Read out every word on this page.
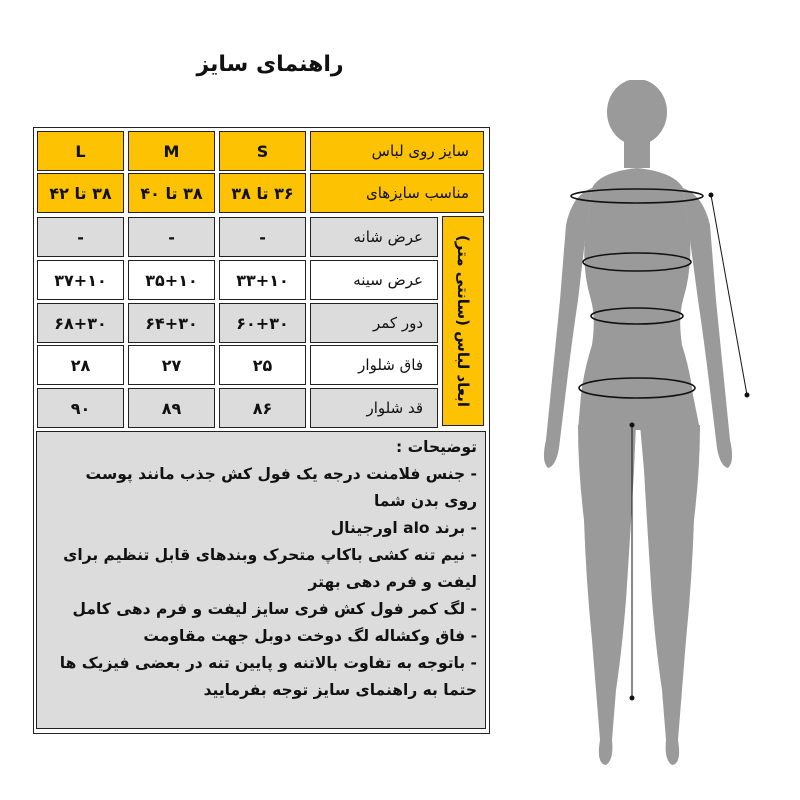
راهنمای سایز
سایز روی لباس
S
M
L
مناسب سایزهای
۳۶ تا ۳۸
۳۸ تا ۴۰
۳۸ تا ۴۲
ابعاد لباس (سانتی متر)
عرض شانه
-
-
-
عرض سینه
۳۳+۱۰
۳۵+۱۰
۳۷+۱۰
دور کمر
۶۰+۳۰
۶۴+۳۰
۶۸+۳۰
فاق شلوار
۲۵
۲۷
۲۸
قد شلوار
۸۶
۸۹
۹۰
توضیحات :
- جنس فلامنت درجه یک فول کش جذب مانند پوست
روی بدن شما
- برند alo اورجینال
- نیم تنه کشی باکاپ متحرک وبندهای قابل تنظیم برای
لیفت و فرم دهی بهتر
- لگ کمر فول کش فری سایز لیفت و فرم دهی کامل
- فاق وکشاله لگ دوخت دوبل جهت مقاومت
- باتوجه به تفاوت بالاتنه و پایین تنه در بعضی فیزیک ها
حتما به راهنمای سایز توجه بفرمایید
